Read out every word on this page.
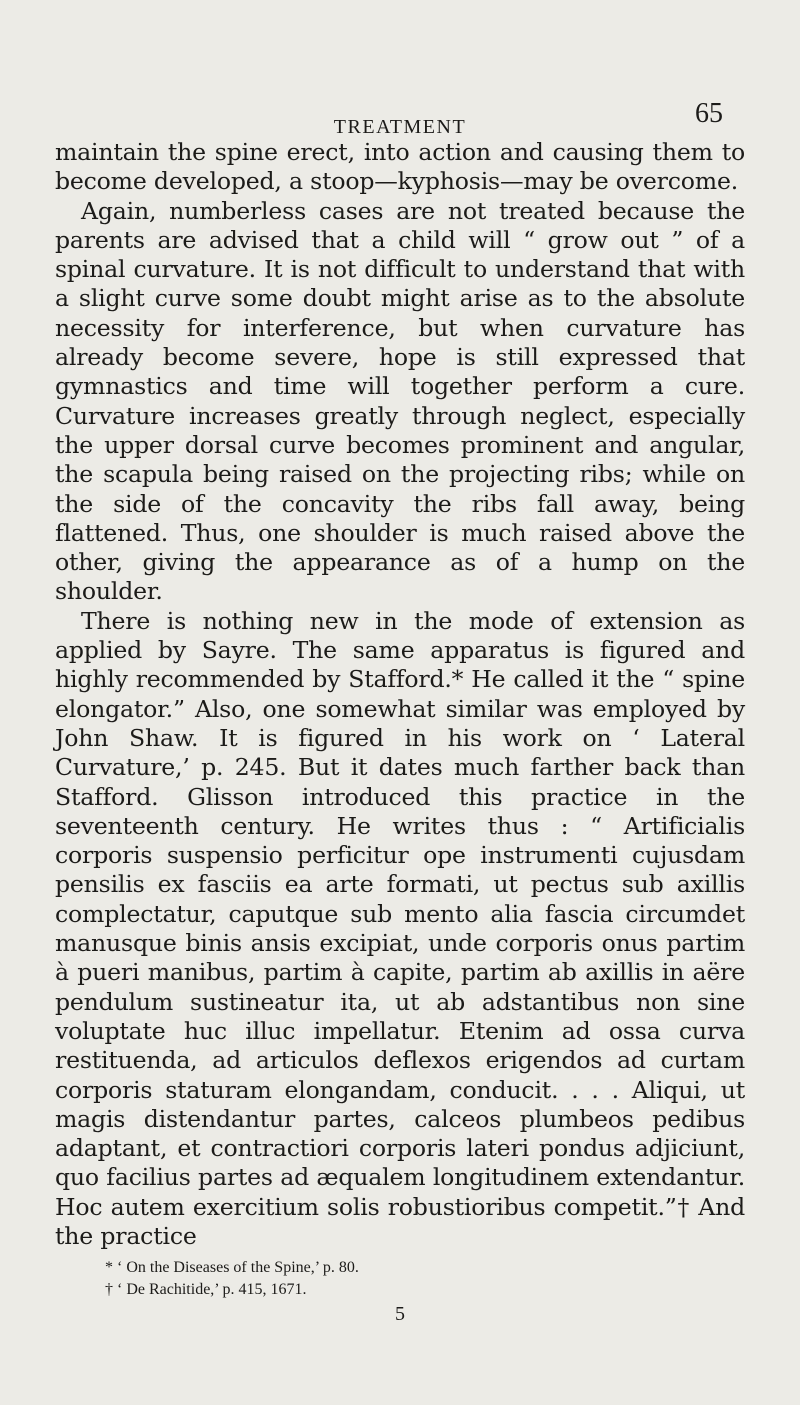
TREATMENT	65

maintain the spine erect, into action and causing them to become developed, a stoop—kyphosis—may be overcome.

Again, numberless cases are not treated because the parents are advised that a child will “ grow out ” of a spinal curvature. It is not difficult to understand that with a slight curve some doubt might arise as to the absolute necessity for interference, but when curvature has already become severe, hope is still expressed that gymnastics and time will together perform a cure. Curvature increases greatly through neglect, especially the upper dorsal curve becomes prominent and angular, the scapula being raised on the projecting ribs; while on the side of the concavity the ribs fall away, being flattened. Thus, one shoulder is much raised above the other, giving the appearance as of a hump on the shoulder.

There is nothing new in the mode of extension as applied by Sayre. The same apparatus is figured and highly recommended by Stafford.* He called it the “ spine elongator.” Also, one somewhat similar was employed by John Shaw. It is figured in his work on ‘ Lateral Curvature,’ p. 245. But it dates much farther back than Stafford. Glisson introduced this practice in the seventeenth century. He writes thus : “ Artificialis corporis suspensio perficitur ope instrumenti cujusdam pensilis ex fasciis ea arte formati, ut pectus sub axillis complectatur, caputque sub mento alia fascia circumdet manusque binis ansis excipiat, unde corporis onus partim à pueri manibus, partim à capite, partim ab axillis in aëre pendulum sustineatur ita, ut ab adstantibus non sine voluptate huc illuc impellatur. Etenim ad ossa curva restituenda, ad articulos deflexos erigendos ad curtam corporis staturam elongandam, conducit. . . . Aliqui, ut magis distendantur partes, calceos plumbeos pedibus adaptant, et contractiori corporis lateri pondus adjiciunt, quo facilius partes ad æqualem longitudinem extendantur. Hoc autem exercitium solis robustioribus competit.”† And the practice

* ‘ On the Diseases of the Spine,’ p. 80.

† ‘ De Rachitide,’ p. 415, 1671.

5
